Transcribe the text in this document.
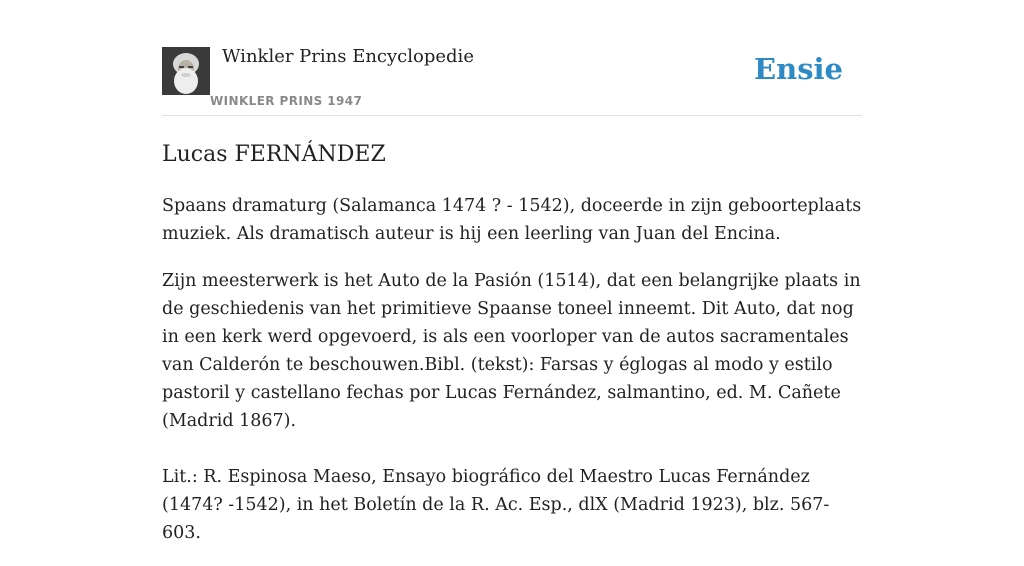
Winkler Prins Encyclopedie
WINKLER PRINS 1947
Ensie
Lucas FERNÁNDEZ

Spaans dramaturg (Salamanca 1474 ? - 1542), doceerde in zijn geboorteplaats muziek. Als dramatisch auteur is hij een leerling van Juan del Encina.

Zijn meesterwerk is het Auto de la Pasión (1514), dat een belangrijke plaats in de geschiedenis van het primitieve Spaanse toneel inneemt. Dit Auto, dat nog in een kerk werd opgevoerd, is als een voorloper van de autos sacramentales van Calderón te beschouwen.Bibl. (tekst): Farsas y églogas al modo y estilo pastoril y castellano fechas por Lucas Fernández, salmantino, ed. M. Cañete (Madrid 1867).

Lit.: R. Espinosa Maeso, Ensayo biográfico del Maestro Lucas Fernández (1474? -1542), in het Boletín de la R. Ac. Esp., dlX (Madrid 1923), blz. 567-603.
